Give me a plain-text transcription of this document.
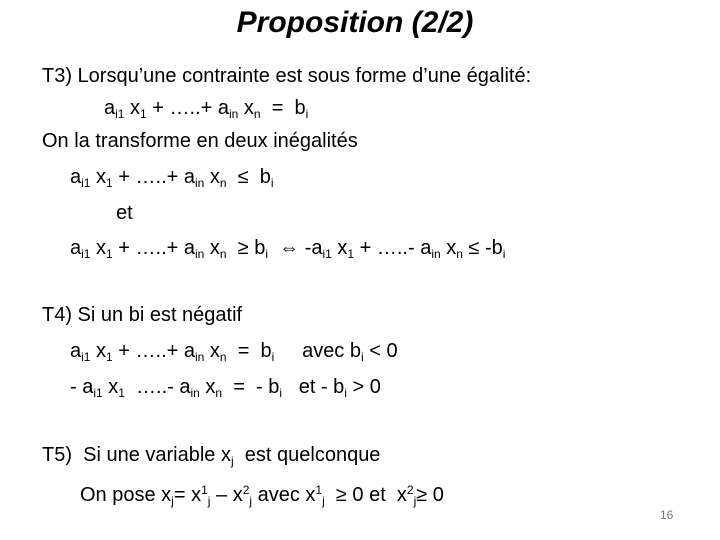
Proposition (2/2)
T3) Lorsqu’une contrainte est sous forme d’une égalité:
$a_{i1}$ $x_1$ + …..+ $a_{in}$ $x_n = b_i$
On la transforme en deux inégalités
$a_{i1}$ $x_1$ + …..+ $a_{in}$ $x_n \le b_i$
et
$a_{i1}$ $x_1$ + …..+ $a_{in}$ $x_n \ge b_i$  ⇔ $-a_{i1}$ $x_1$ + …..- $a_{in}$ $x_n \le -b_i$
T4) Si un bi est négatif
$a_{i1}$ $x_1$ + …..+ $a_{in}$ $x_n = b_i$     avec $b_i < 0$
- $a_{i1}$ $x_1$  …..- $a_{in}$ $x_n$  =  - $b_i$   et - $b_i > 0$
T5)  Si une variable $x_j$  est quelconque
On pose $x_j= x^1_j - x^2_j$ avec $x^1_j \ge 0$ et  $x^2_j\ge 0$
16
